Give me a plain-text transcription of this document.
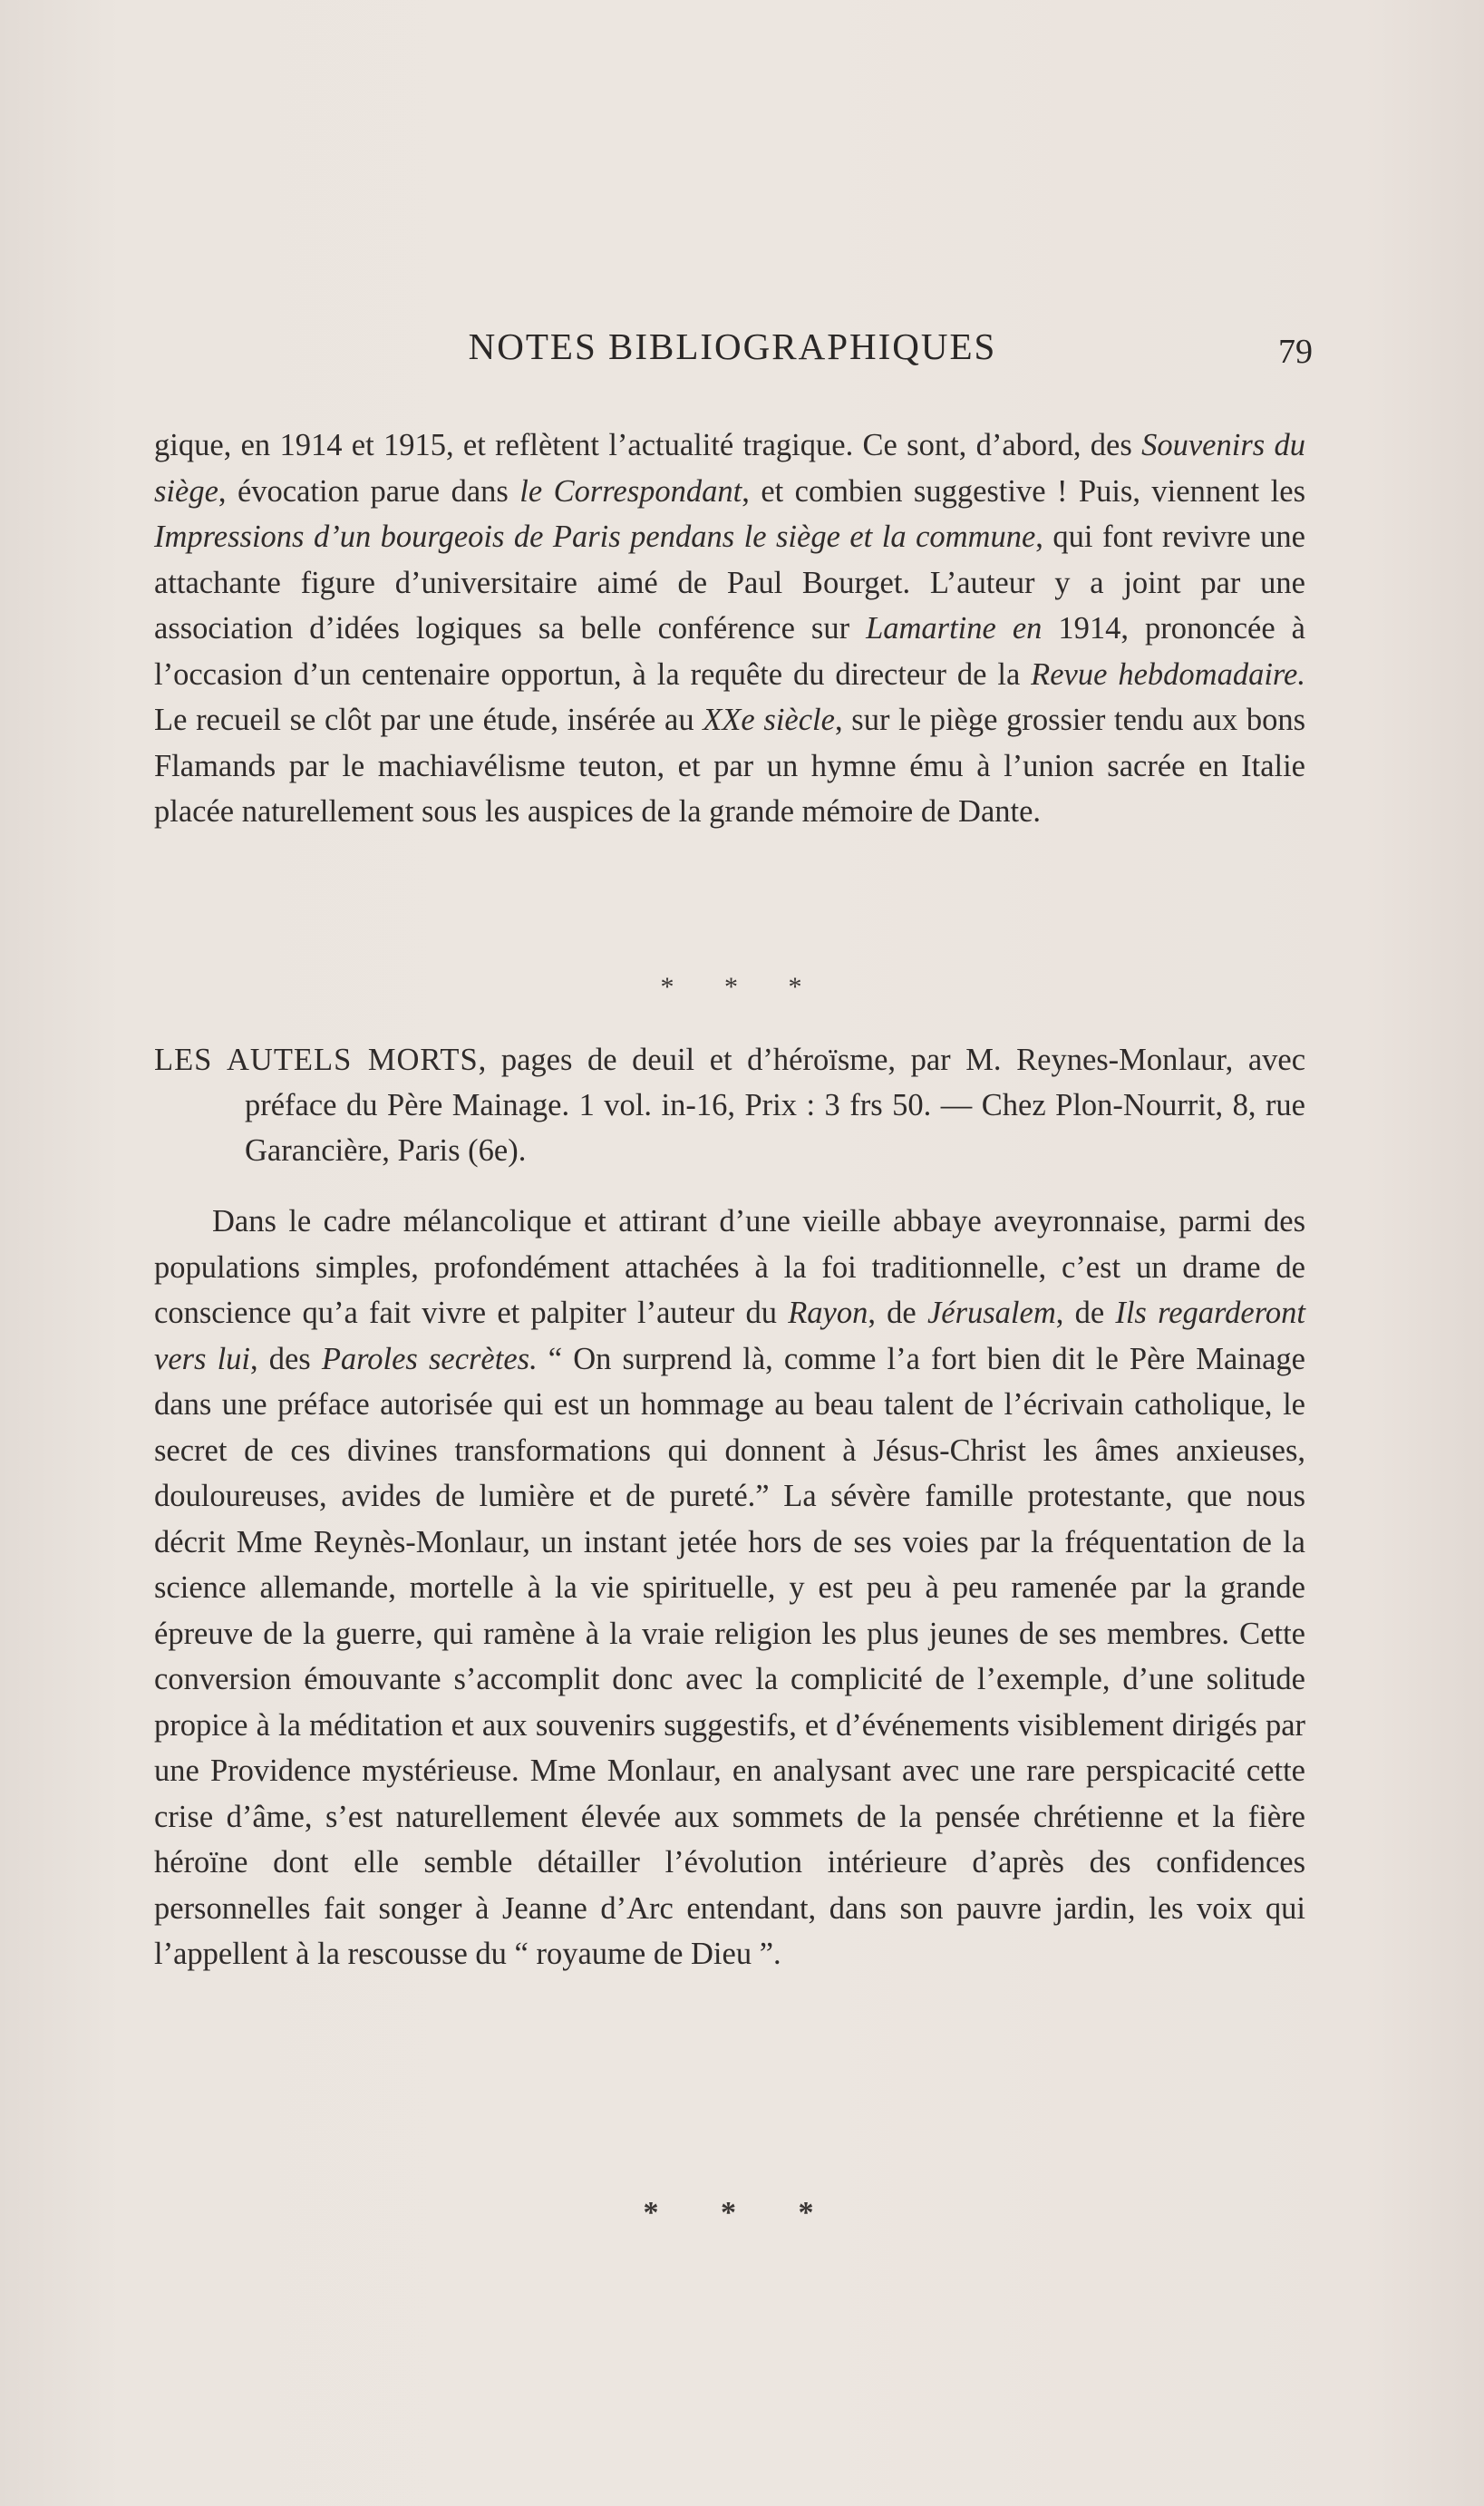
NOTES BIBLIOGRAPHIQUES	79

gique, en 1914 et 1915, et reflètent l’actualité tragique. Ce sont, d’abord, des Souvenirs du siège, évocation parue dans le Correspondant, et combien suggestive ! Puis, viennent les Impressions d’un bourgeois de Paris pendans le siège et la commune, qui font revivre une attachante figure d’universitaire aimé de Paul Bourget. L’auteur y a joint par une association d’idées logiques sa belle conférence sur Lamartine en 1914, prononcée à l’occasion d’un centenaire opportun, à la requête du directeur de la Revue hebdomadaire. Le recueil se clôt par une étude, insérée au XXe siècle, sur le piège grossier tendu aux bons Flamands par le machiavélisme teuton, et par un hymne ému à l’union sacrée en Italie placée naturellement sous les auspices de la grande mémoire de Dante.

* * *
LES AUTELS MORTS, pages de deuil et d’héroïsme, par M. Reynes-Monlaur, avec préface du Père Mainage. 1 vol. in-16, Prix : 3 frs 50. — Chez Plon-Nourrit, 8, rue Garancière, Paris (6e).

Dans le cadre mélancolique et attirant d’une vieille abbaye aveyronnaise, parmi des populations simples, profondément attachées à la foi traditionnelle, c’est un drame de conscience qu’a fait vivre et palpiter l’auteur du Rayon, de Jérusalem, de Ils regarderont vers lui, des Paroles secrètes. “ On surprend là, comme l’a fort bien dit le Père Mainage dans une préface autorisée qui est un hommage au beau talent de l’écrivain catholique, le secret de ces divines transformations qui donnent à Jésus-Christ les âmes anxieuses, douloureuses, avides de lumière et de pureté.” La sévère famille protestante, que nous décrit Mme Reynès-Monlaur, un instant jetée hors de ses voies par la fréquentation de la science allemande, mortelle à la vie spirituelle, y est peu à peu ramenée par la grande épreuve de la guerre, qui ramène à la vraie religion les plus jeunes de ses membres. Cette conversion émouvante s’accomplit donc avec la complicité de l’exemple, d’une solitude propice à la méditation et aux souvenirs suggestifs, et d’événements visiblement dirigés par une Providence mystérieuse. Mme Monlaur, en analysant avec une rare perspicacité cette crise d’âme, s’est naturellement élevée aux sommets de la pensée chrétienne et la fière héroïne dont elle semble détailler l’évolution intérieure d’après des confidences personnelles fait songer à Jeanne d’Arc entendant, dans son pauvre jardin, les voix qui l’appellent à la rescousse du “ royaume de Dieu ”.

* * *
